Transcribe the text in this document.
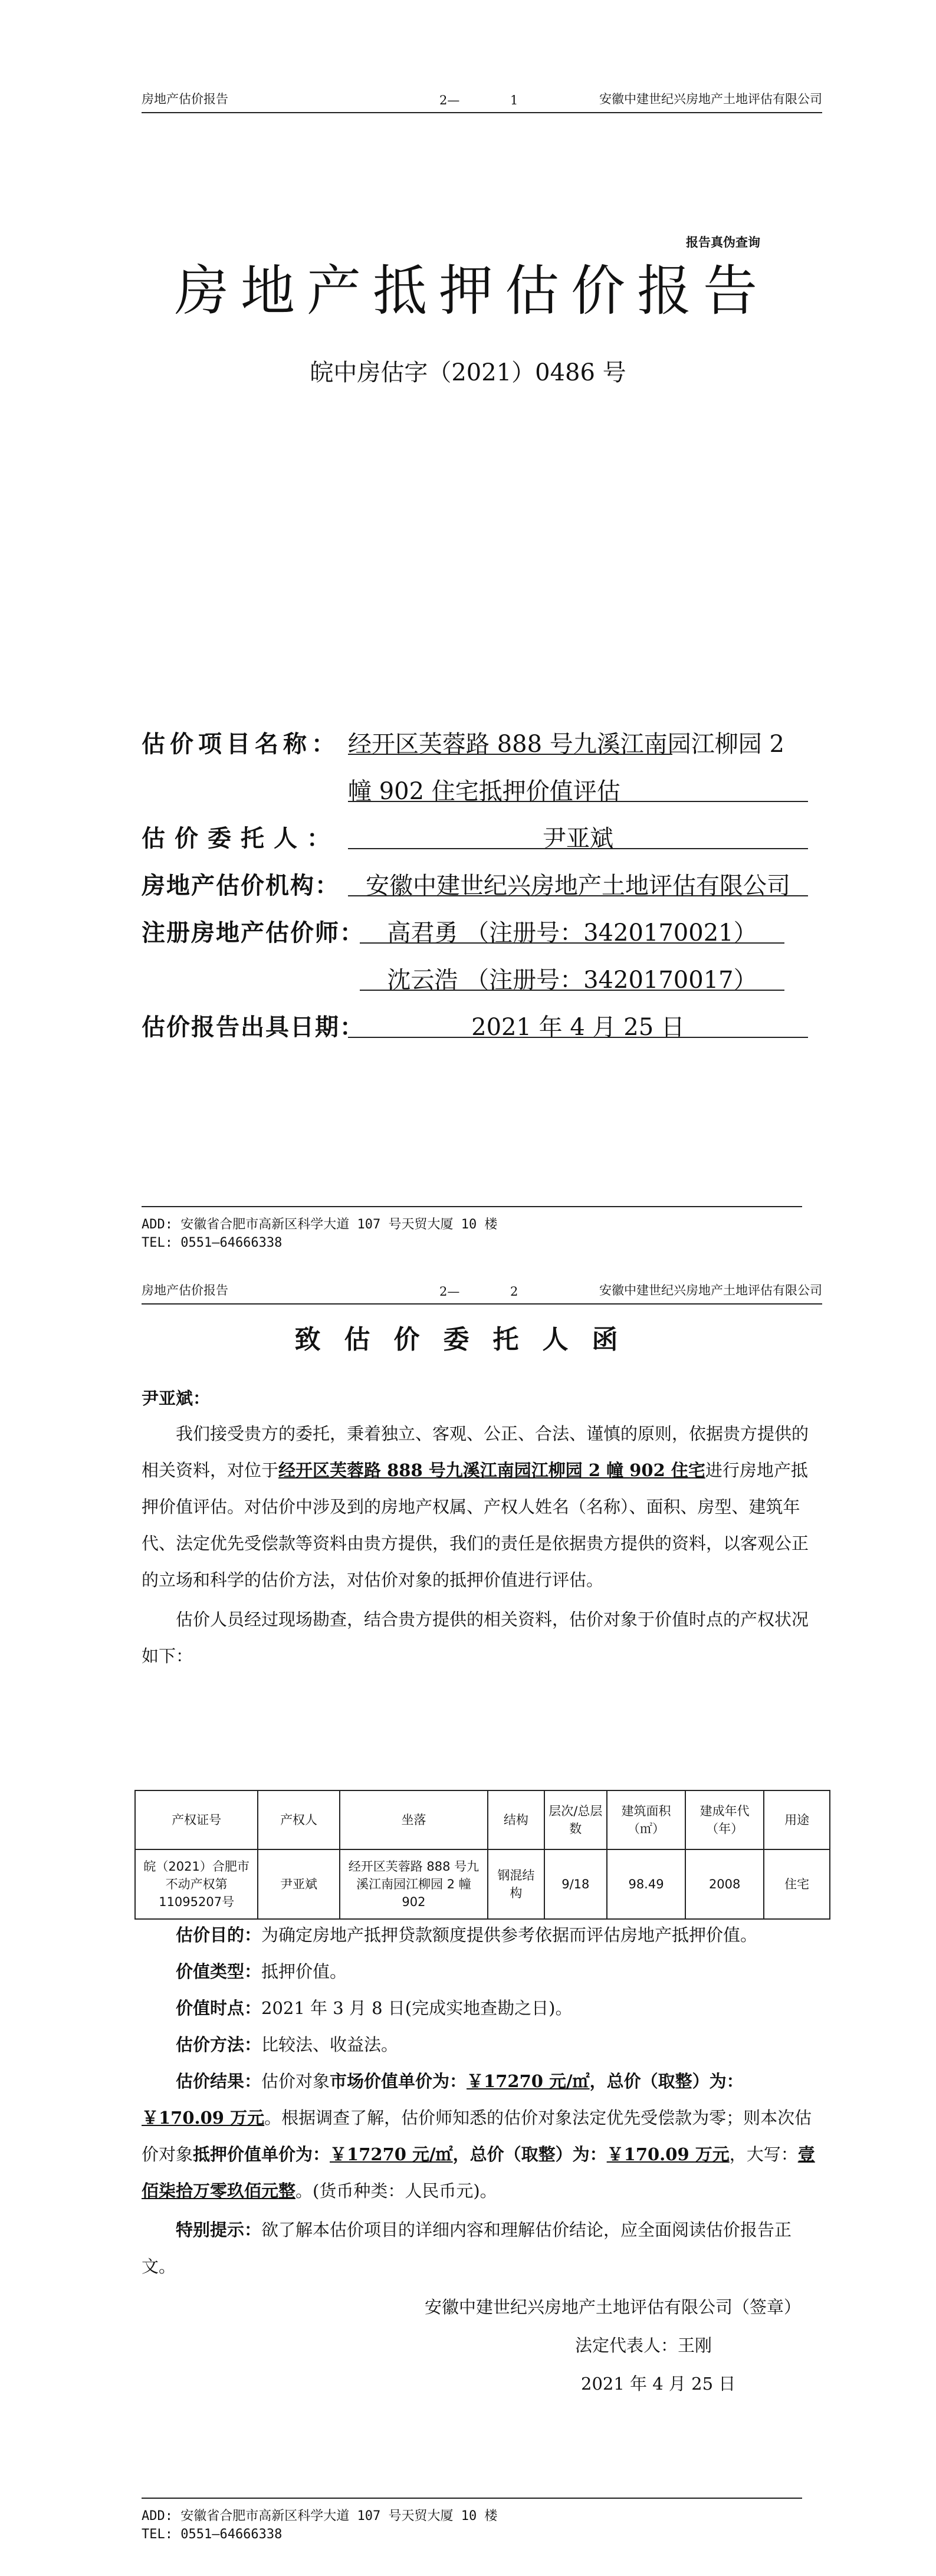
房地产估价报告	2—	1	安徽中建世纪兴房地产土地评估有限公司
报告真伪查询
房地产抵押估价报告
皖中房估字（2021）0486 号
估价项目名称： 经开区芙蓉路 888 号九溪江南园江柳园 2
幢 902 住宅抵押价值评估
估价委托人：	尹亚斌
房地产估价机构：	安徽中建世纪兴房地产土地评估有限公司
注册房地产估价师： 高君勇 （注册号：3420170021）
沈云浩 （注册号：3420170017）
估价报告出具日期：	2021 年 4 月 25 日
ADD: 安徽省合肥市高新区科学大道 107 号天贸大厦 10 楼
TEL: 0551—64666338
房地产估价报告	2—	2	安徽中建世纪兴房地产土地评估有限公司
致估价委托人函
尹亚斌：
我们接受贵方的委托，秉着独立、客观、公正、合法、谨慎的原则，依据贵方提供的相关资料，对位于经开区芙蓉路 888 号九溪江南园江柳园 2 幢 902 住宅进行房地产抵押价值评估。对估价中涉及到的房地产权属、产权人姓名（名称）、面积、房型、建筑年代、法定优先受偿款等资料由贵方提供，我们的责任是依据贵方提供的资料，以客观公正的立场和科学的估价方法，对估价对象的抵押价值进行评估。
估价人员经过现场勘查，结合贵方提供的相关资料，估价对象于价值时点的产权状况如下：
产权证号	产权人	坐落	结构	层次/总层数	建筑面积（㎡）	建成年代（年）	用途
皖（2021）合肥市不动产权第11095207号	尹亚斌	经开区芙蓉路 888 号九溪江南园江柳园 2 幢 902	钢混结构	9/18	98.49	2008	住宅
估价目的：为确定房地产抵押贷款额度提供参考依据而评估房地产抵押价值。
价值类型：抵押价值。
价值时点：2021 年 3 月 8 日(完成实地查勘之日)。
估价方法：比较法、收益法。
估价结果：估价对象市场价值单价为：￥17270 元/㎡，总价（取整）为：￥170.09 万元。根据调查了解，估价师知悉的估价对象法定优先受偿款为零；则本次估价对象抵押价值单价为：￥17270 元/㎡，总价（取整）为：￥170.09 万元，大写：壹佰柒拾万零玖佰元整。(货币种类：人民币元)。
特别提示：欲了解本估价项目的详细内容和理解估价结论，应全面阅读估价报告正文。
安徽中建世纪兴房地产土地评估有限公司（签章）
法定代表人：王刚
2021 年 4 月 25 日
ADD: 安徽省合肥市高新区科学大道 107 号天贸大厦 10 楼
TEL: 0551—64666338
